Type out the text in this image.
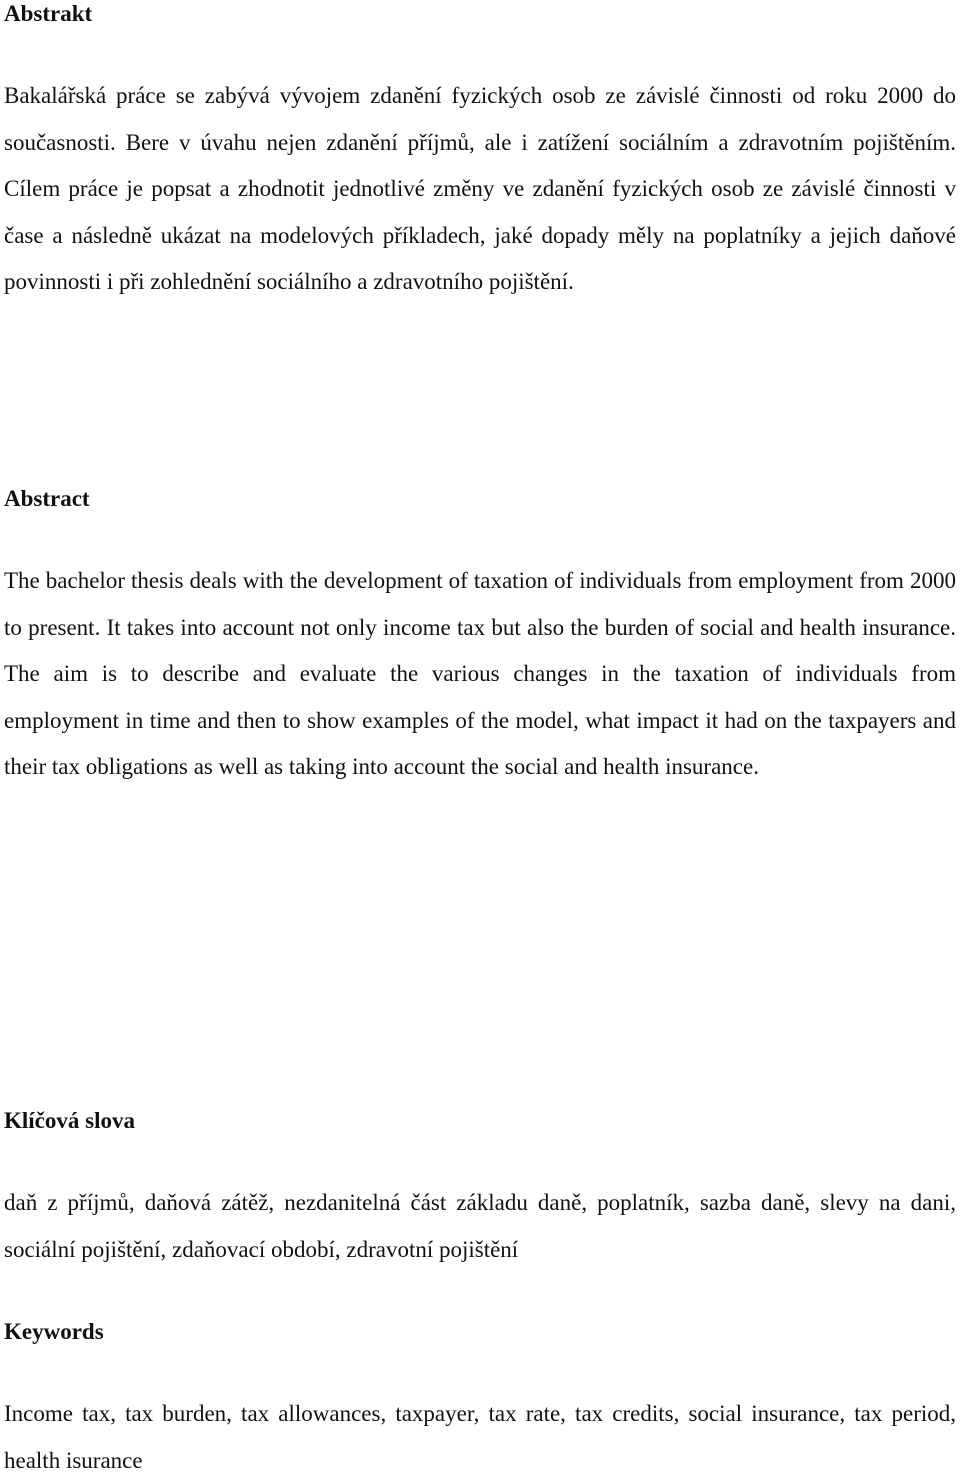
Abstrakt

Bakalářská práce se zabývá vývojem zdanění fyzických osob ze závislé činnosti od roku 2000 do současnosti. Bere v úvahu nejen zdanění příjmů, ale i zatížení sociálním a zdravotním pojištěním. Cílem práce je popsat a zhodnotit jednotlivé změny ve zdanění fyzických osob ze závislé činnosti v čase a následně ukázat na modelových příkladech, jaké dopady měly na poplatníky a jejich daňové povinnosti i při zohlednění sociálního a zdravotního pojištění.

Abstract

The bachelor thesis deals with the development of taxation of individuals from employment from 2000 to present. It takes into account not only income tax but also the burden of social and health insurance. The aim is to describe and evaluate the various changes in the taxation of individuals from employment in time and then to show examples of the model, what impact it had on the taxpayers and their tax obligations as well as taking into account the social and health insurance.

Klíčová slova

daň z příjmů, daňová zátěž, nezdanitelná část základu daně, poplatník, sazba daně, slevy na dani, sociální pojištění, zdaňovací období, zdravotní pojištění

Keywords

Income tax, tax burden, tax allowances, taxpayer, tax rate, tax credits, social insurance, tax period, health isurance
